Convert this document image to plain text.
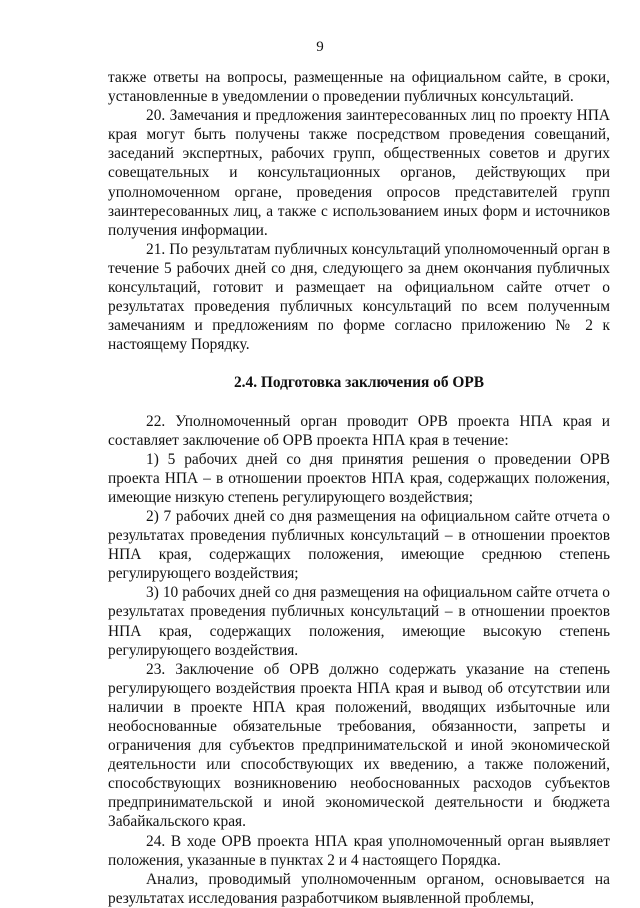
9

также ответы на вопросы, размещенные на официальном сайте, в сроки, установленные в уведомлении о проведении публичных консультаций.

20. Замечания и предложения заинтересованных лиц по проекту НПА края могут быть получены также посредством проведения совещаний, заседаний экспертных, рабочих групп, общественных советов и других совещательных и консультационных органов, действующих при уполномоченном органе, проведения опросов представителей групп заинтересованных лиц, а также с использованием иных форм и источников получения информации.

21. По результатам публичных консультаций уполномоченный орган в течение 5 рабочих дней со дня, следующего за днем окончания публичных консультаций, готовит и размещает на официальном сайте отчет о результатах проведения публичных консультаций по всем полученным замечаниям и предложениям по форме согласно приложению № 2 к настоящему Порядку.

2.4. Подготовка заключения об ОРВ

22. Уполномоченный орган проводит ОРВ проекта НПА края и составляет заключение об ОРВ проекта НПА края в течение:

1) 5 рабочих дней со дня принятия решения о проведении ОРВ проекта НПА – в отношении проектов НПА края, содержащих положения, имеющие низкую степень регулирующего воздействия;

2) 7 рабочих дней со дня размещения на официальном сайте отчета о результатах проведения публичных консультаций – в отношении проектов НПА края, содержащих положения, имеющие среднюю степень регулирующего воздействия;

3) 10 рабочих дней со дня размещения на официальном сайте отчета о результатах проведения публичных консультаций – в отношении проектов НПА края, содержащих положения, имеющие высокую степень регулирующего воздействия.

23. Заключение об ОРВ должно содержать указание на степень регулирующего воздействия проекта НПА края и вывод об отсутствии или наличии в проекте НПА края положений, вводящих избыточные или необоснованные обязательные требования, обязанности, запреты и ограничения для субъектов предпринимательской и иной экономической деятельности или способствующих их введению, а также положений, способствующих возникновению необоснованных расходов субъектов предпринимательской и иной экономической деятельности и бюджета Забайкальского края.

24. В ходе ОРВ проекта НПА края уполномоченный орган выявляет положения, указанные в пунктах 2 и 4 настоящего Порядка.

Анализ, проводимый уполномоченным органом, основывается на результатах исследования разработчиком выявленной проблемы,
